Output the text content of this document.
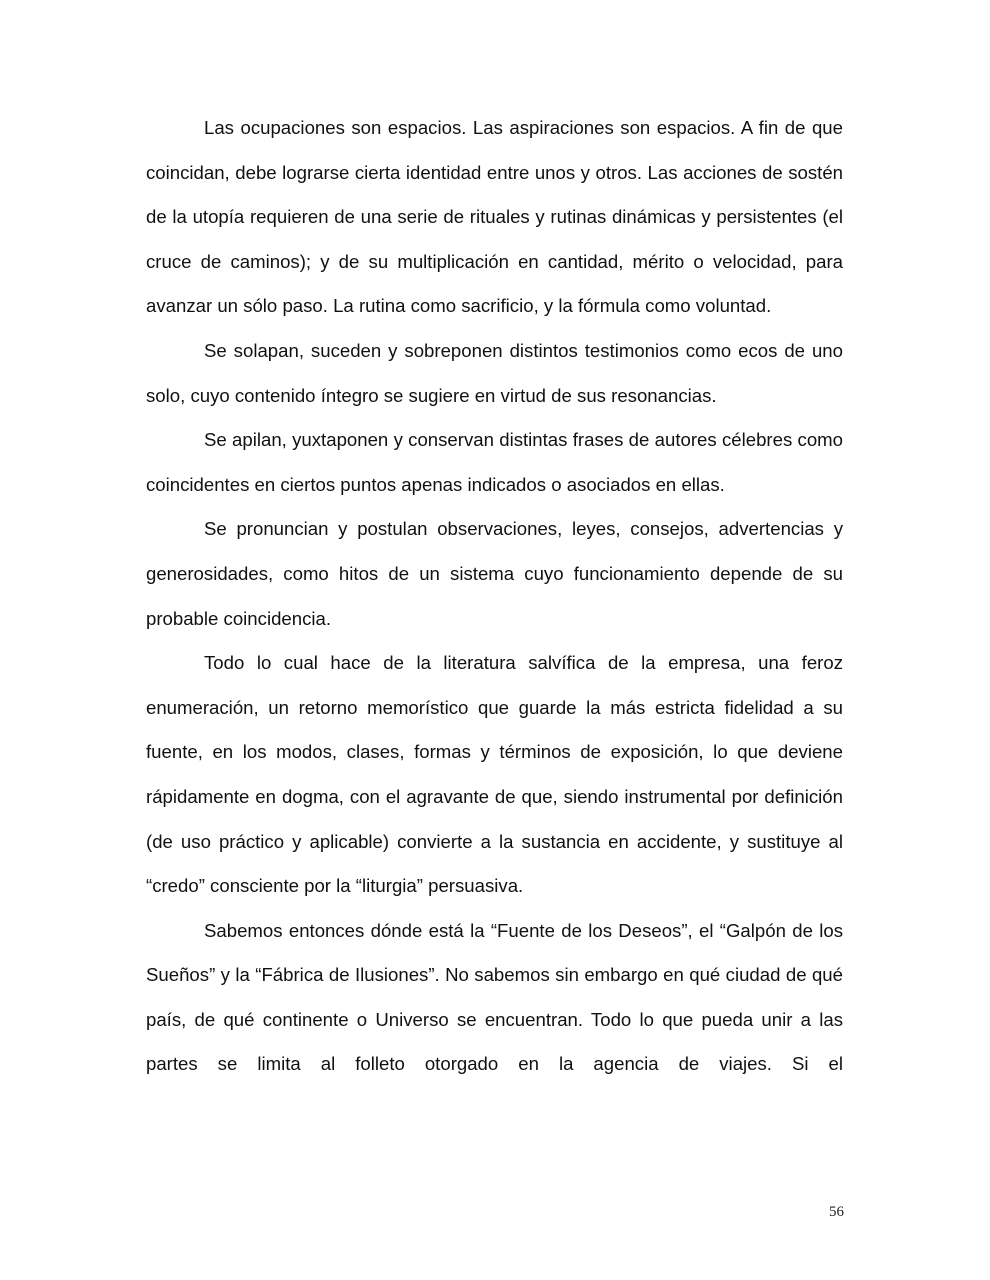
Las ocupaciones son espacios. Las aspiraciones son espacios. A fin de que coincidan, debe lograrse cierta identidad entre unos y otros. Las acciones de sostén de la utopía requieren de una serie de rituales y rutinas dinámicas y persistentes (el cruce de caminos); y de su multiplicación en cantidad, mérito o velocidad, para avanzar un sólo paso. La rutina como sacrificio, y la fórmula como voluntad.

Se solapan, suceden y sobreponen distintos testimonios como ecos de uno solo, cuyo contenido íntegro se sugiere en virtud de sus resonancias.

Se apilan, yuxtaponen y conservan distintas frases de autores célebres como coincidentes en ciertos puntos apenas indicados o asociados en ellas.

Se pronuncian y postulan observaciones, leyes, consejos, advertencias y generosidades, como hitos de un sistema cuyo funcionamiento depende de su probable coincidencia.

Todo lo cual hace de la literatura salvífica de la empresa, una feroz enumeración, un retorno memorístico que guarde la más estricta fidelidad a su fuente, en los modos, clases, formas y términos de exposición, lo que deviene rápidamente en dogma, con el agravante de que, siendo instrumental por definición (de uso práctico y aplicable) convierte a la sustancia en accidente, y sustituye al “credo” consciente por la “liturgia” persuasiva.

Sabemos entonces dónde está la “Fuente de los Deseos”, el “Galpón de los Sueños” y la “Fábrica de Ilusiones”. No sabemos sin embargo en qué ciudad de qué país, de qué continente o Universo se encuentran. Todo lo que pueda unir a las partes se limita al folleto otorgado en la agencia de viajes. Si el

56
